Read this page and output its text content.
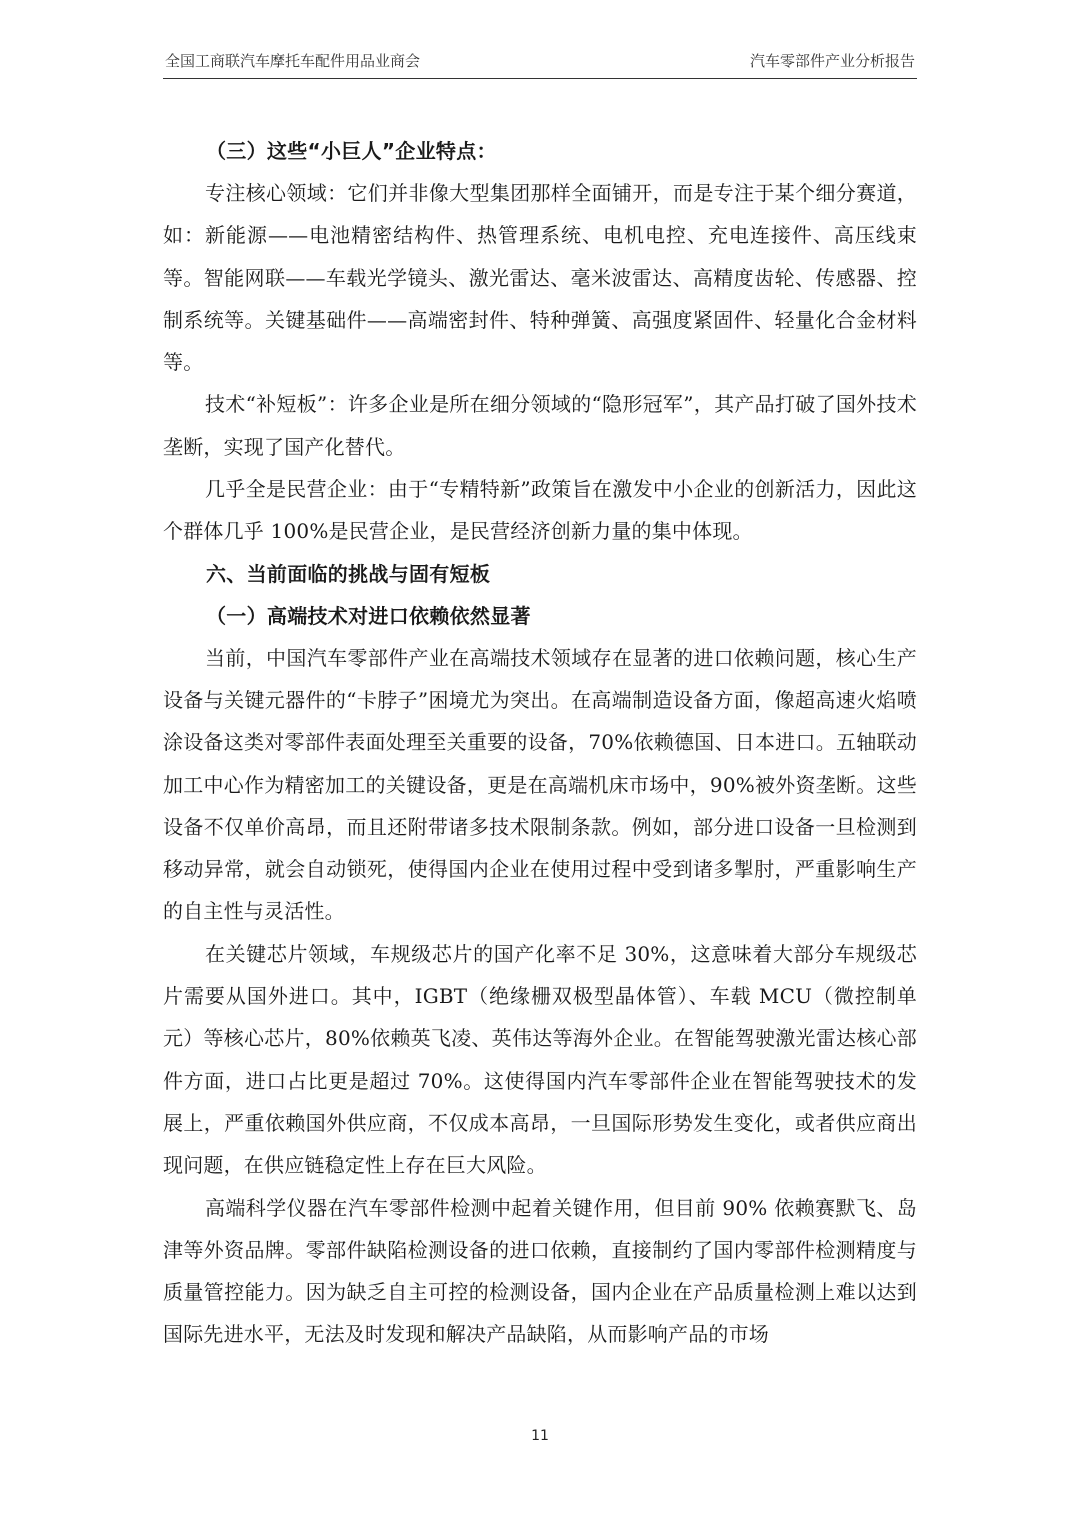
全国工商联汽车摩托车配件用品业商会	汽车零部件产业分析报告
（三）这些“小巨人”企业特点：
专注核心领域：它们并非像大型集团那样全面铺开，而是专注于某个细分赛道，如：新能源——电池精密结构件、热管理系统、电机电控、充电连接件、高压线束等。智能网联——车载光学镜头、激光雷达、毫米波雷达、高精度齿轮、传感器、控制系统等。关键基础件——高端密封件、特种弹簧、高强度紧固件、轻量化合金材料等。
技术“补短板”：许多企业是所在细分领域的“隐形冠军”，其产品打破了国外技术垄断，实现了国产化替代。
几乎全是民营企业：由于“专精特新”政策旨在激发中小企业的创新活力，因此这个群体几乎 100%是民营企业，是民营经济创新力量的集中体现。
六、当前面临的挑战与固有短板
（一）高端技术对进口依赖依然显著
当前，中国汽车零部件产业在高端技术领域存在显著的进口依赖问题，核心生产设备与关键元器件的“卡脖子”困境尤为突出。在高端制造设备方面，像超高速火焰喷涂设备这类对零部件表面处理至关重要的设备，70%依赖德国、日本进口。五轴联动加工中心作为精密加工的关键设备，更是在高端机床市场中，90%被外资垄断。这些设备不仅单价高昂，而且还附带诸多技术限制条款。例如，部分进口设备一旦检测到移动异常，就会自动锁死，使得国内企业在使用过程中受到诸多掣肘，严重影响生产的自主性与灵活性。
在关键芯片领域，车规级芯片的国产化率不足 30%，这意味着大部分车规级芯片需要从国外进口。其中，IGBT（绝缘栅双极型晶体管）、车载 MCU（微控制单元）等核心芯片，80%依赖英飞凌、英伟达等海外企业。在智能驾驶激光雷达核心部件方面，进口占比更是超过 70%。这使得国内汽车零部件企业在智能驾驶技术的发展上，严重依赖国外供应商，不仅成本高昂，一旦国际形势发生变化，或者供应商出现问题，在供应链稳定性上存在巨大风险。
高端科学仪器在汽车零部件检测中起着关键作用，但目前 90% 依赖赛默飞、岛津等外资品牌。零部件缺陷检测设备的进口依赖，直接制约了国内零部件检测精度与质量管控能力。因为缺乏自主可控的检测设备，国内企业在产品质量检测上难以达到国际先进水平，无法及时发现和解决产品缺陷，从而影响产品的市场
11
